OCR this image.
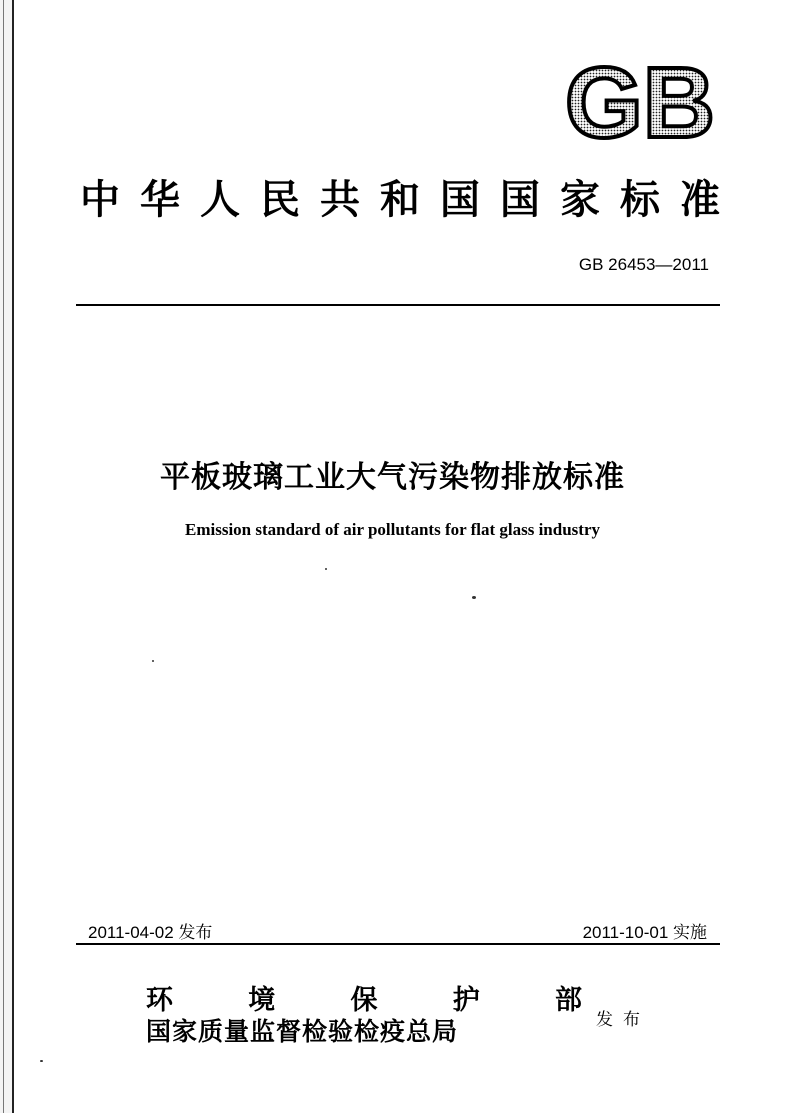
GB
中 华 人 民 共 和 国 国 家 标 准
GB 26453—2011
平板玻璃工业大气污染物排放标准
Emission standard of air pollutants for flat glass industry
2011-04-02 发布	2011-10-01 实施
环	境	保	护	部
国家质量监督检验检疫总局	发布
